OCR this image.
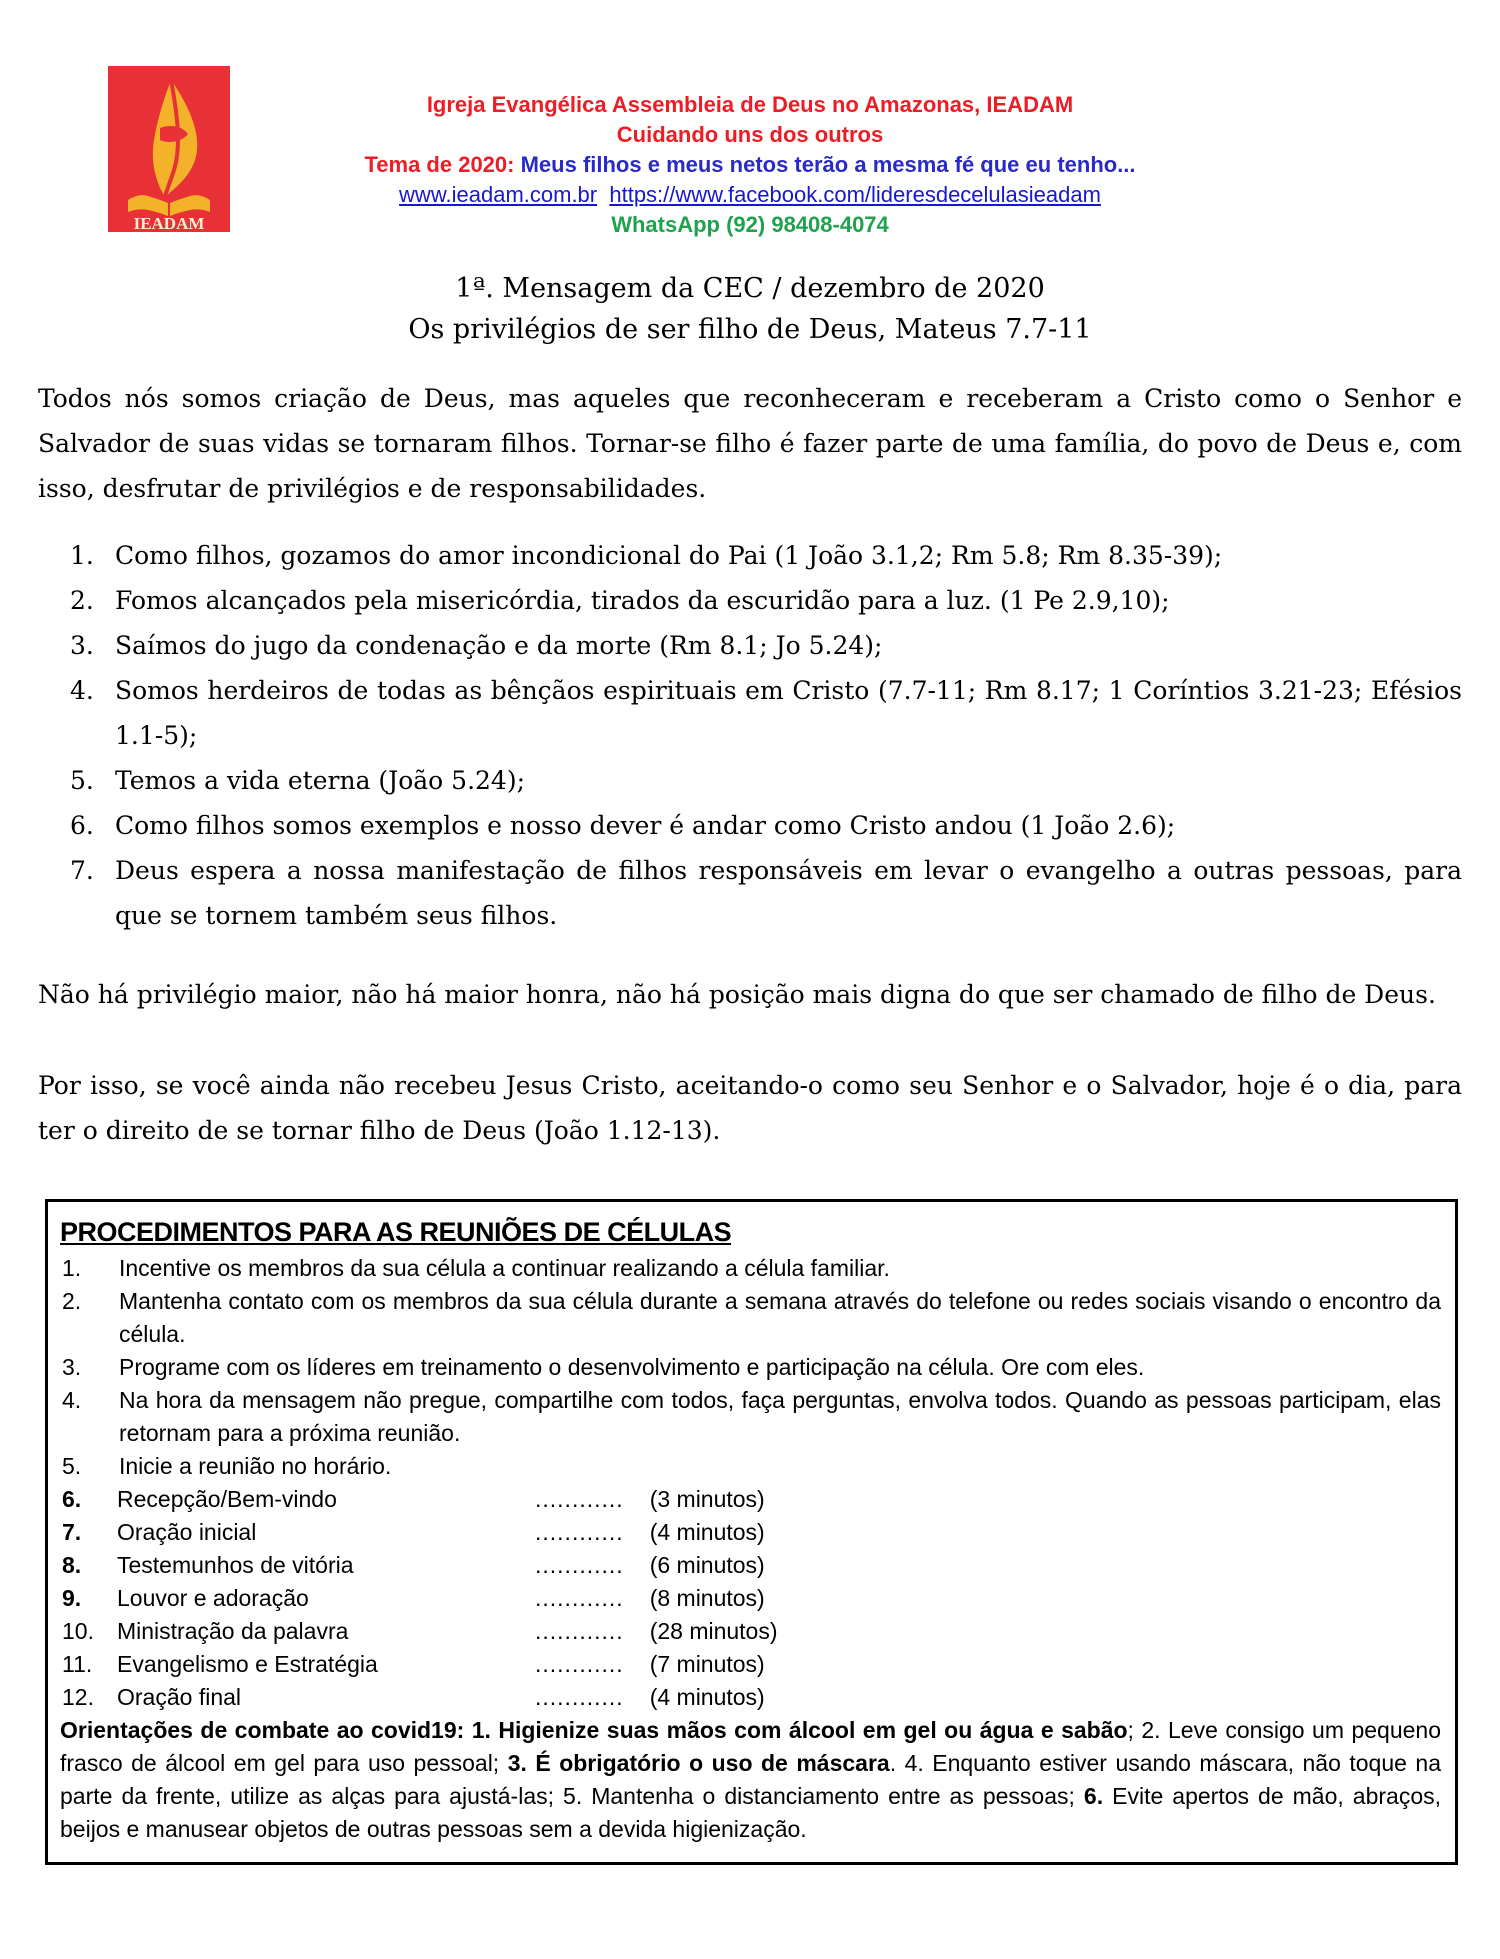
IEADAM
Igreja Evangélica Assembleia de Deus no Amazonas, IEADAM
Cuidando uns dos outros
Tema de 2020: Meus filhos e meus netos terão a mesma fé que eu tenho...
www.ieadam.com.br https://www.facebook.com/lideresdecelulasieadam
WhatsApp (92) 98408-4074
1ª. Mensagem da CEC / dezembro de 2020
Os privilégios de ser filho de Deus, Mateus 7.7-11

Todos nós somos criação de Deus, mas aqueles que reconheceram e receberam a Cristo como o Senhor e Salvador de suas vidas se tornaram filhos. Tornar-se filho é fazer parte de uma família, do povo de Deus e, com isso, desfrutar de privilégios e de responsabilidades.

1. Como filhos, gozamos do amor incondicional do Pai (1 João 3.1,2; Rm 5.8; Rm 8.35-39);
2. Fomos alcançados pela misericórdia, tirados da escuridão para a luz. (1 Pe 2.9,10);
3. Saímos do jugo da condenação e da morte (Rm 8.1; Jo 5.24);
4. Somos herdeiros de todas as bênçãos espirituais em Cristo (7.7-11; Rm 8.17; 1 Coríntios 3.21-23; Efésios 1.1-5);
5. Temos a vida eterna (João 5.24);
6. Como filhos somos exemplos e nosso dever é andar como Cristo andou (1 João 2.6);
7. Deus espera a nossa manifestação de filhos responsáveis em levar o evangelho a outras pessoas, para que se tornem também seus filhos.

Não há privilégio maior, não há maior honra, não há posição mais digna do que ser chamado de filho de Deus.

Por isso, se você ainda não recebeu Jesus Cristo, aceitando-o como seu Senhor e o Salvador, hoje é o dia, para ter o direito de se tornar filho de Deus (João 1.12-13).

PROCEDIMENTOS PARA AS REUNIÕES DE CÉLULAS
1. Incentive os membros da sua célula a continuar realizando a célula familiar.
2. Mantenha contato com os membros da sua célula durante a semana através do telefone ou redes sociais visando o encontro da célula.
3. Programe com os líderes em treinamento o desenvolvimento e participação na célula. Ore com eles.
4. Na hora da mensagem não pregue, compartilhe com todos, faça perguntas, envolva todos. Quando as pessoas participam, elas retornam para a próxima reunião.
5. Inicie a reunião no horário.
6.	Recepção/Bem-vindo	............ (3 minutos)
7.	Oração inicial	............ (4 minutos)
8.	Testemunhos de vitória	............ (6 minutos)
9.	Louvor e adoração	............ (8 minutos)
10.	Ministração da palavra	............ (28 minutos)
11.	Evangelismo e Estratégia	............ (7 minutos)
12.	Oração final	............ (4 minutos)
Orientações de combate ao covid19: 1. Higienize suas mãos com álcool em gel ou água e sabão; 2. Leve consigo um pequeno frasco de álcool em gel para uso pessoal; 3. É obrigatório o uso de máscara. 4. Enquanto estiver usando máscara, não toque na parte da frente, utilize as alças para ajustá-las; 5. Mantenha o distanciamento entre as pessoas; 6. Evite apertos de mão, abraços, beijos e manusear objetos de outras pessoas sem a devida higienização.
